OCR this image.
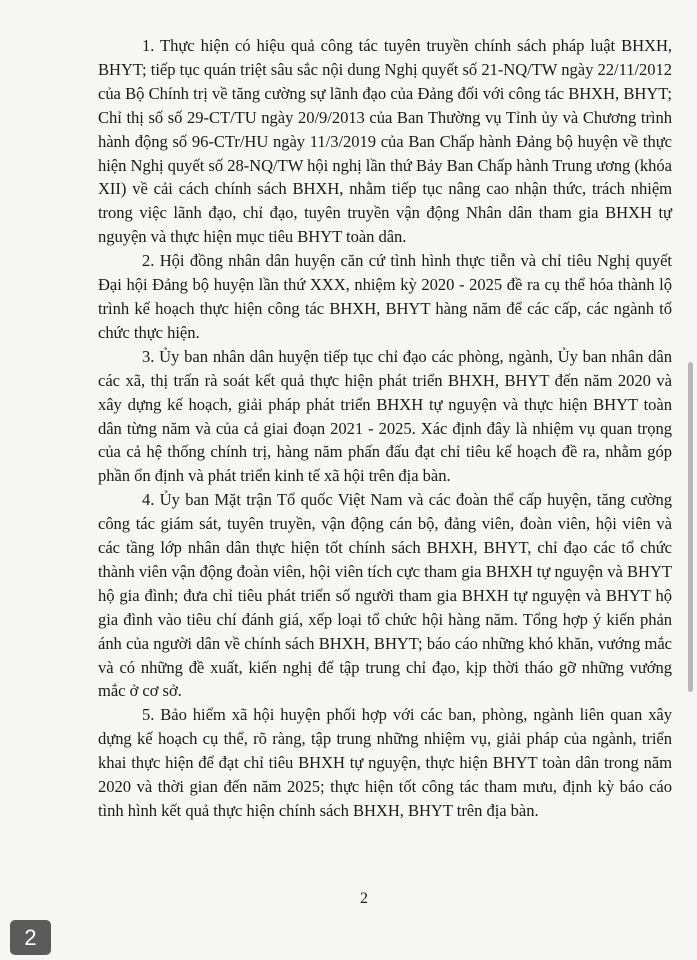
1. Thực hiện có hiệu quả công tác tuyên truyền chính sách pháp luật BHXH, BHYT; tiếp tục quán triệt sâu sắc nội dung Nghị quyết số 21-NQ/TW ngày 22/11/2012 của Bộ Chính trị về tăng cường sự lãnh đạo của Đảng đối với công tác BHXH, BHYT; Chỉ thị số số 29-CT/TU ngày 20/9/2013 của Ban Thường vụ Tỉnh ủy và Chương trình hành động số 96-CTr/HU ngày 11/3/2019 của Ban Chấp hành Đảng bộ huyện về thực hiện Nghị quyết số 28-NQ/TW hội nghị lần thứ Bảy Ban Chấp hành Trung ương (khóa XII) về cải cách chính sách BHXH, nhằm tiếp tục nâng cao nhận thức, trách nhiệm trong việc lãnh đạo, chỉ đạo, tuyên truyền vận động Nhân dân tham gia BHXH tự nguyện và thực hiện mục tiêu BHYT toàn dân.

2. Hội đồng nhân dân huyện căn cứ tình hình thực tiễn và chỉ tiêu Nghị quyết Đại hội Đảng bộ huyện lần thứ XXX, nhiệm kỳ 2020 - 2025 đề ra cụ thể hóa thành lộ trình kế hoạch thực hiện công tác BHXH, BHYT hàng năm để các cấp, các ngành tổ chức thực hiện.

3. Ủy ban nhân dân huyện tiếp tục chỉ đạo các phòng, ngành, Ủy ban nhân dân các xã, thị trấn rà soát kết quả thực hiện phát triển BHXH, BHYT đến năm 2020 và xây dựng kế hoạch, giải pháp phát triển BHXH tự nguyện và thực hiện BHYT toàn dân từng năm và của cả giai đoạn 2021 - 2025. Xác định đây là nhiệm vụ quan trọng của cả hệ thống chính trị, hàng năm phấn đấu đạt chỉ tiêu kế hoạch đề ra, nhằm góp phần ổn định và phát triển kinh tế xã hội trên địa bàn.

4. Ủy ban Mặt trận Tổ quốc Việt Nam và các đoàn thể cấp huyện, tăng cường công tác giám sát, tuyên truyền, vận động cán bộ, đảng viên, đoàn viên, hội viên và các tầng lớp nhân dân thực hiện tốt chính sách BHXH, BHYT, chỉ đạo các tổ chức thành viên vận động đoàn viên, hội viên tích cực tham gia BHXH tự nguyện và BHYT hộ gia đình; đưa chỉ tiêu phát triển số người tham gia BHXH tự nguyện và BHYT hộ gia đình vào tiêu chí đánh giá, xếp loại tổ chức hội hàng năm. Tổng hợp ý kiến phản ánh của người dân về chính sách BHXH, BHYT; báo cáo những khó khăn, vướng mắc và có những đề xuất, kiến nghị để tập trung chỉ đạo, kịp thời tháo gỡ những vướng mắc ở cơ sở.

5. Bảo hiểm xã hội huyện phối hợp với các ban, phòng, ngành liên quan xây dựng kế hoạch cụ thể, rõ ràng, tập trung những nhiệm vụ, giải pháp của ngành, triển khai thực hiện để đạt chỉ tiêu BHXH tự nguyện, thực hiện BHYT toàn dân trong năm 2020 và thời gian đến năm 2025; thực hiện tốt công tác tham mưu, định kỳ báo cáo tình hình kết quả thực hiện chính sách BHXH, BHYT trên địa bàn.

2
2
